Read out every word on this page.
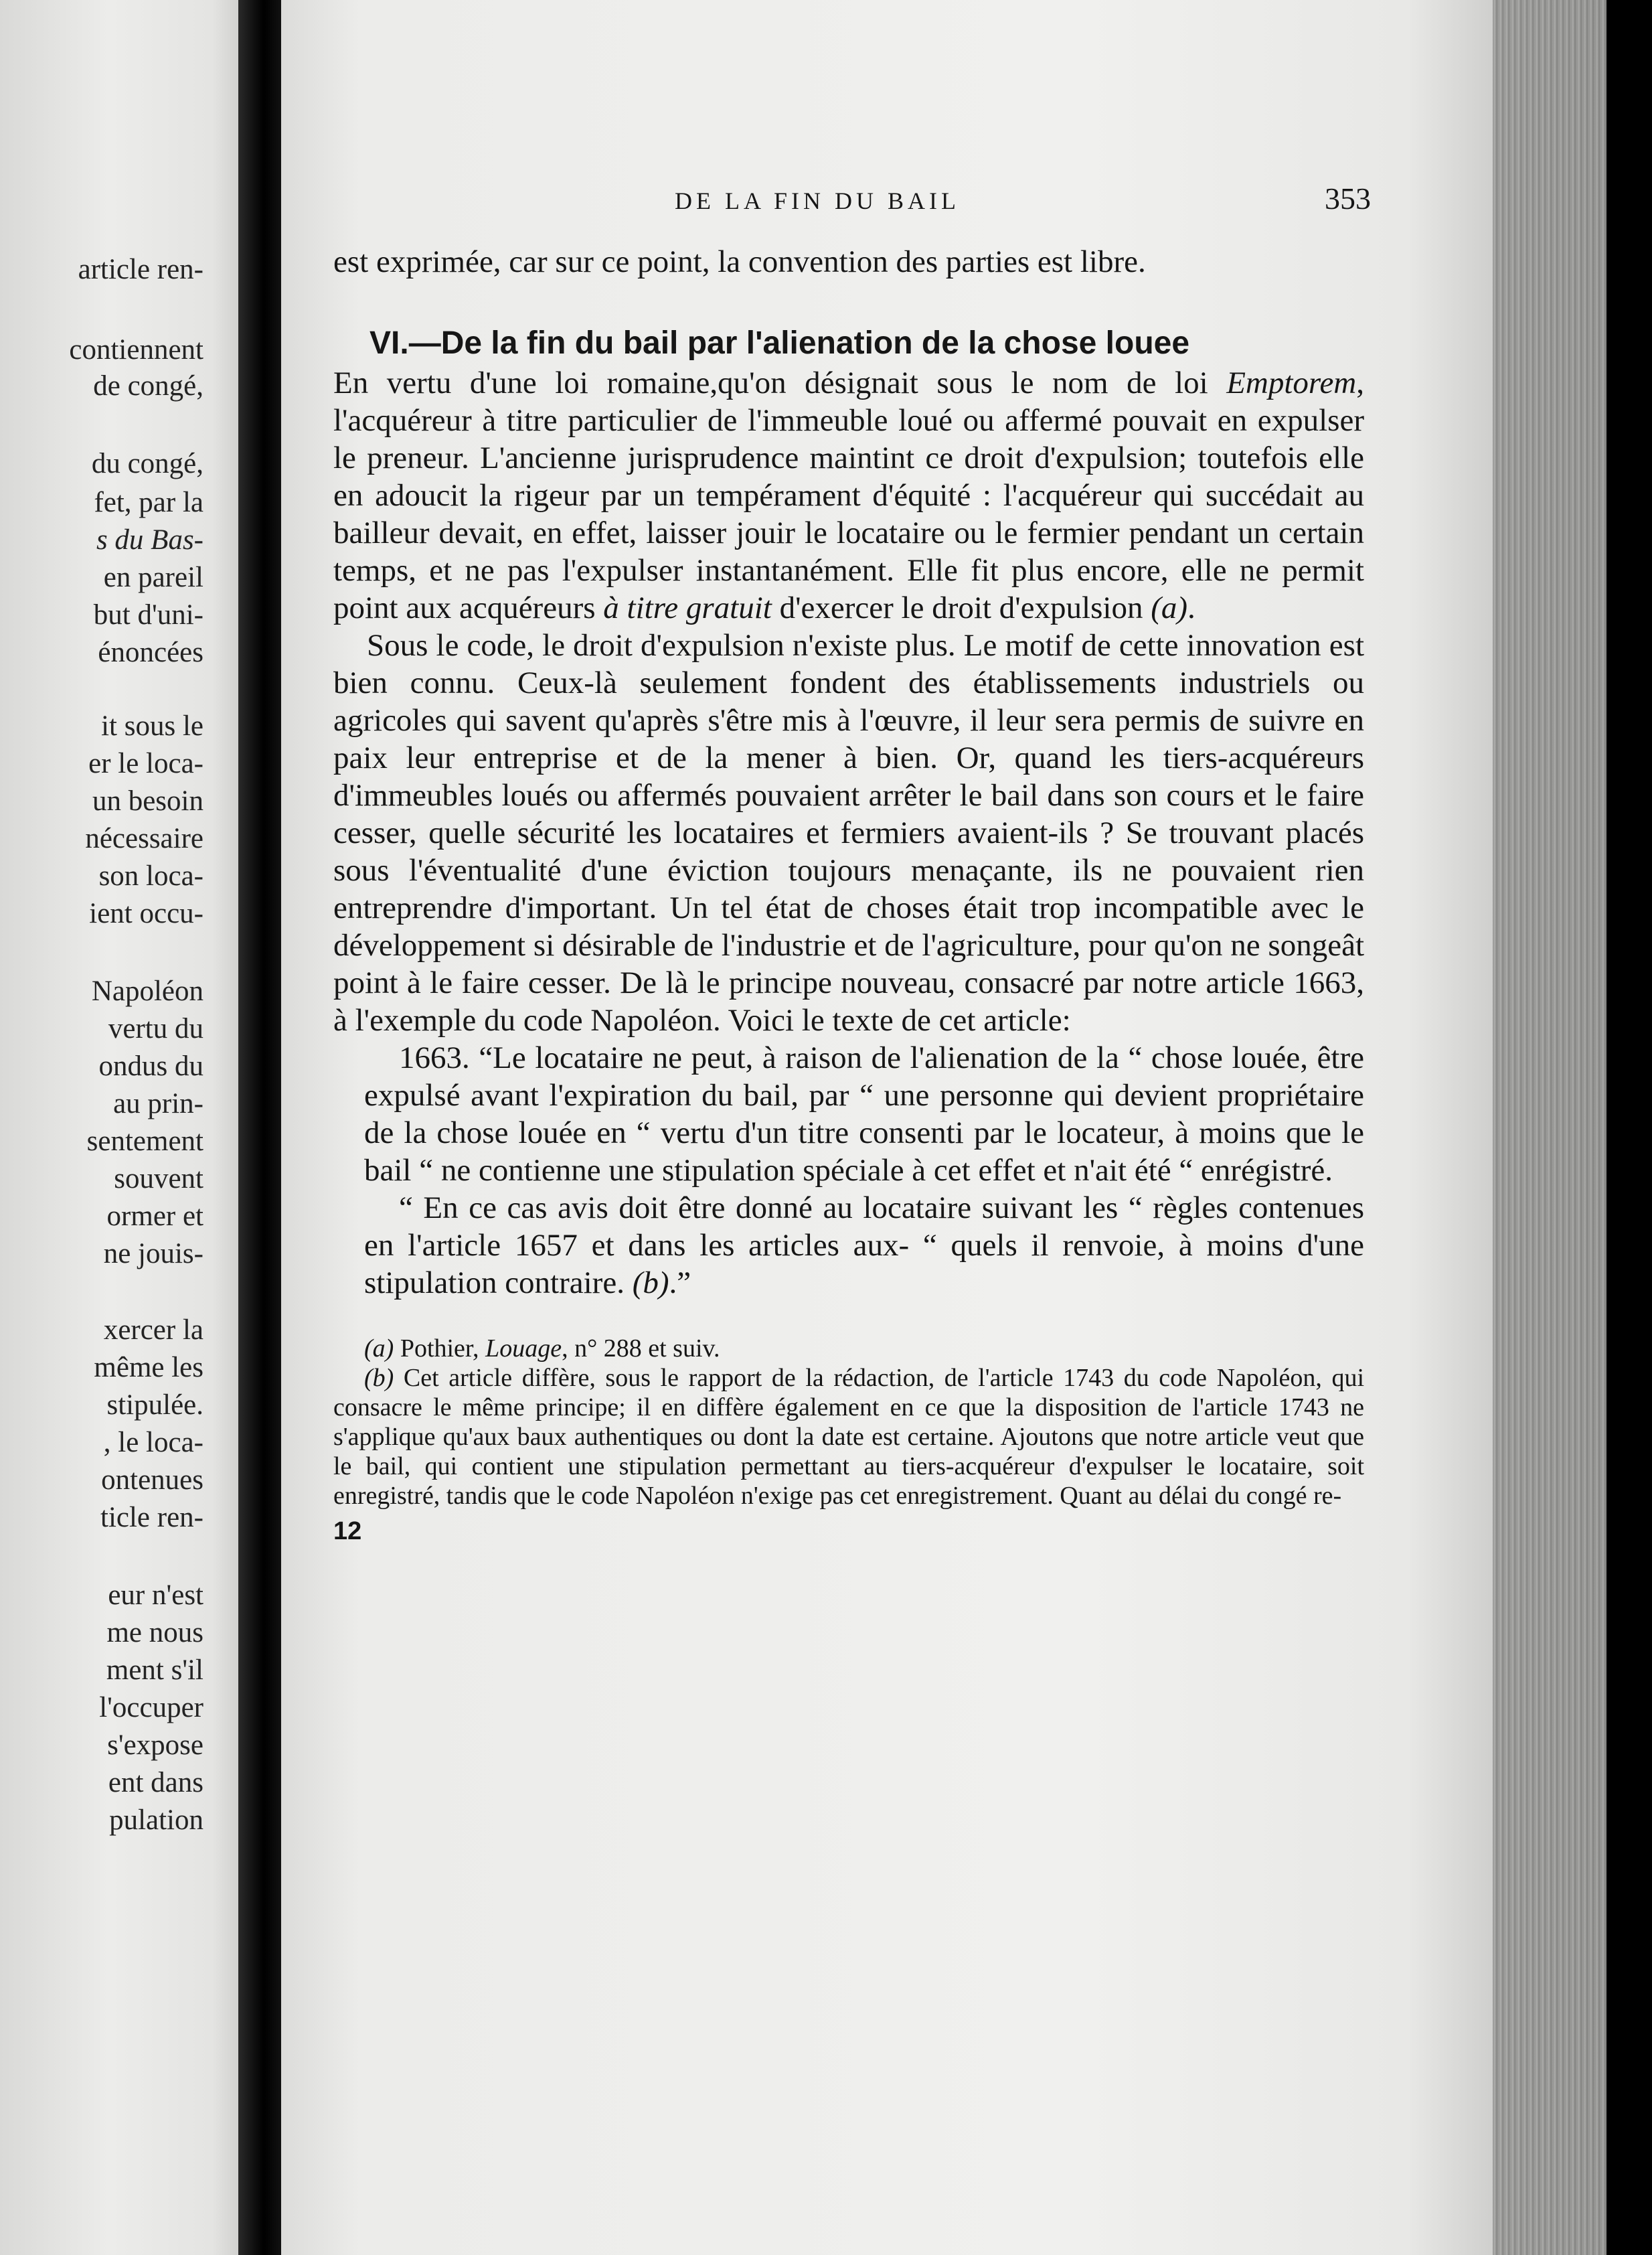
article ren-
contiennent
de congé,
du congé,
fet, par la
s du Bas-
en pareil
but d'uni-
énoncées
it sous le
er le loca-
un besoin
nécessaire
son loca-
ient occu-
Napoléon
vertu du
ondus du
au prin-
sentement
souvent
ormer et
ne jouis-
xercer la
même les
stipulée.
, le loca-
ontenues
ticle ren-
eur n'est
me nous
ment s'il
l'occuper
s'expose
ent dans
pulation
DE LA FIN DU BAIL	353

est exprimée, car sur ce point, la convention des parties est libre.

VI.—De la fin du bail par l'alienation de la chose louee

En vertu d'une loi romaine,qu'on désignait sous le nom de loi Emptorem, l'acquéreur à titre particulier de l'immeuble loué ou affermé pouvait en expulser le preneur. L'ancienne jurisprudence maintint ce droit d'expulsion; toutefois elle en adoucit la rigeur par un tempérament d'équité : l'acquéreur qui succédait au bailleur devait, en effet, laisser jouir le locataire ou le fermier pendant un certain temps, et ne pas l'expulser instantanément. Elle fit plus encore, elle ne permit point aux acquéreurs à titre gratuit d'exercer le droit d'expulsion (a).

Sous le code, le droit d'expulsion n'existe plus. Le motif de cette innovation est bien connu. Ceux-là seulement fondent des établissements industriels ou agricoles qui savent qu'après s'être mis à l'œuvre, il leur sera permis de suivre en paix leur entreprise et de la mener à bien. Or, quand les tiers-acquéreurs d'immeubles loués ou affermés pouvaient arrêter le bail dans son cours et le faire cesser, quelle sécurité les locataires et fermiers avaient-ils ? Se trouvant placés sous l'éventualité d'une éviction toujours menaçante, ils ne pouvaient rien entreprendre d'important. Un tel état de choses était trop incompatible avec le développement si désirable de l'industrie et de l'agriculture, pour qu'on ne songeât point à le faire cesser. De là le principe nouveau, consacré par notre article 1663, à l'exemple du code Napoléon. Voici le texte de cet article:

1663. “Le locataire ne peut, à raison de l'alienation de la “ chose louée, être expulsé avant l'expiration du bail, par “ une personne qui devient propriétaire de la chose louée en “ vertu d'un titre consenti par le locateur, à moins que le bail “ ne contienne une stipulation spéciale à cet effet et n'ait été “ enrégistré.

“ En ce cas avis doit être donné au locataire suivant les “ règles contenues en l'article 1657 et dans les articles aux- “ quels il renvoie, à moins d'une stipulation contraire. (b).”

(a) Pothier, Louage, n° 288 et suiv.

(b) Cet article diffère, sous le rapport de la rédaction, de l'article 1743 du code Napoléon, qui consacre le même principe; il en diffère également en ce que la disposition de l'article 1743 ne s'applique qu'aux baux authentiques ou dont la date est certaine. Ajoutons que notre article veut que le bail, qui contient une stipulation permettant au tiers-acquéreur d'expulser le locataire, soit enregistré, tandis que le code Napoléon n'exige pas cet enregistrement. Quant au délai du congé re-

12
